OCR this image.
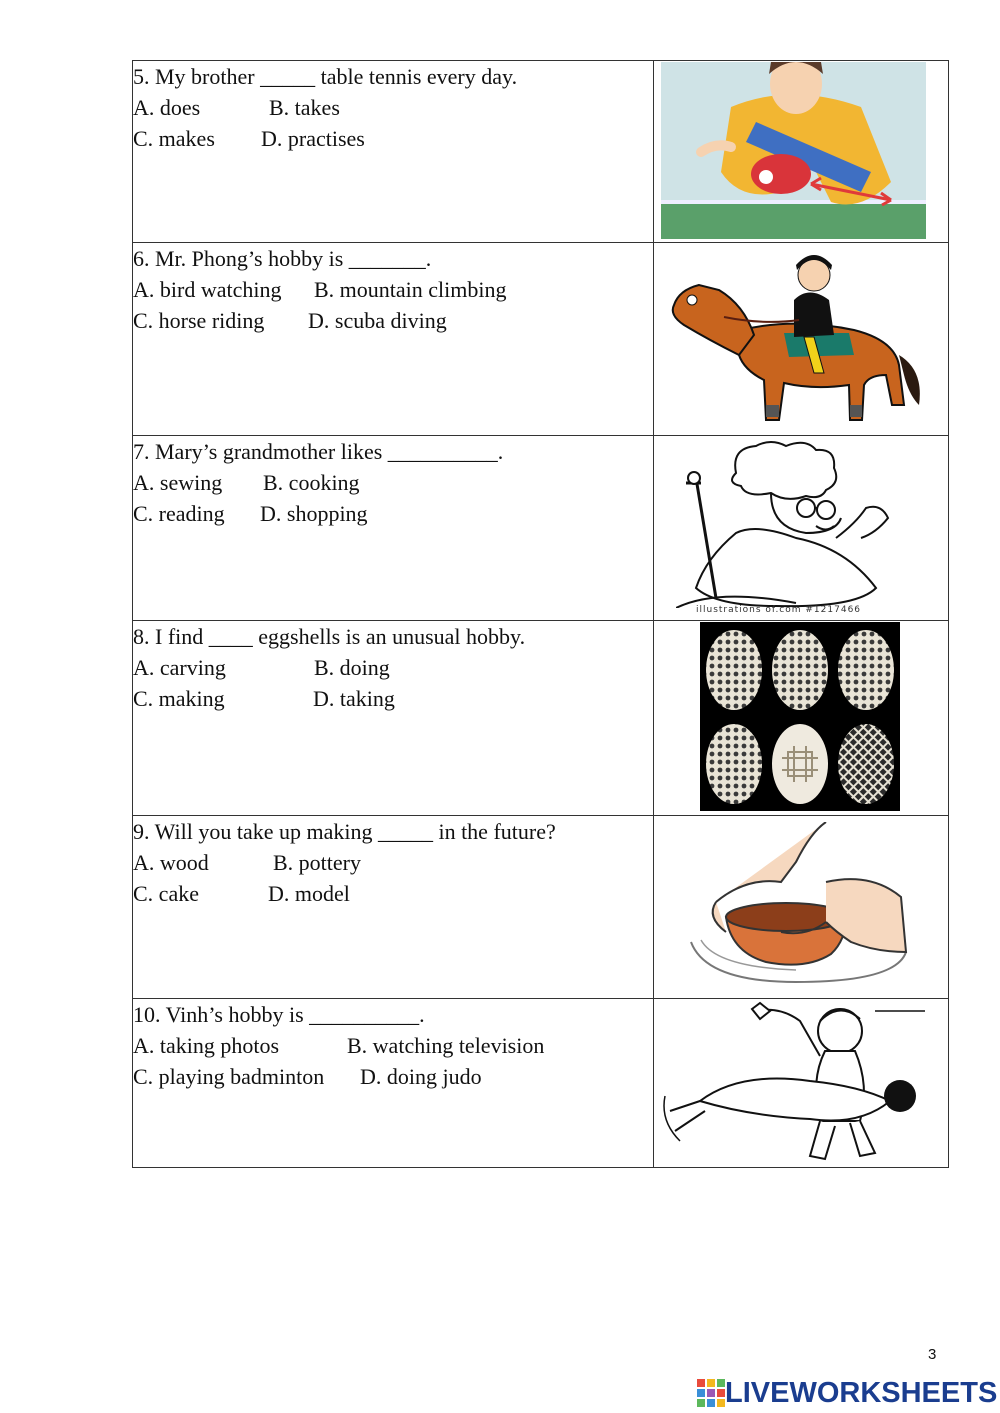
5. My brother _____ table tennis every day.
A. does B. takes
C. makes D. practises

6. Mr. Phong’s hobby is _______.
A. bird watching B. mountain climbing
C. horse riding D. scuba diving

7. Mary’s grandmother likes __________.
A. sewing B. cooking
C. reading D. shopping	illustrations of.com #1217466

8. I find ____ eggshells is an unusual hobby.
A. carving B. doing
C. making D. taking

9. Will you take up making _____ in the future?
A. wood B. pottery
C. cake D. model

10. Vinh’s hobby is __________.
A. taking photos B. watching television
C. playing badminton D. doing judo

3
LIVEWORKSHEETS
